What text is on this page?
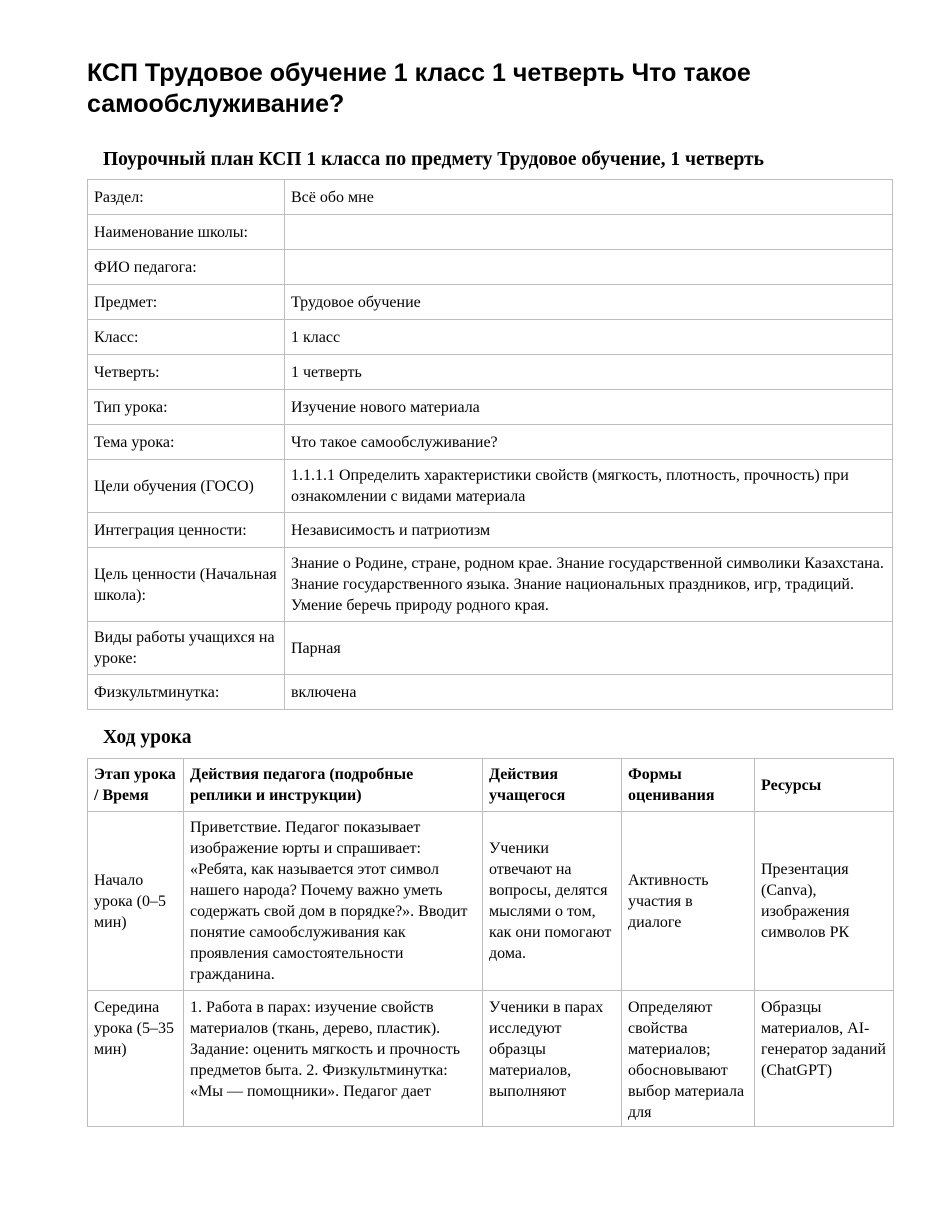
КСП Трудовое обучение 1 класс 1 четверть Что такое самообслуживание?
Поурочный план КСП 1 класса по предмету Трудовое обучение, 1 четверть
Раздел:	Всё обо мне
Наименование школы:	
ФИО педагога:	
Предмет:	Трудовое обучение
Класс:	1 класс
Четверть:	1 четверть
Тип урока:	Изучение нового материала
Тема урока:	Что такое самообслуживание?
Цели обучения (ГОСО)	1.1.1.1 Определить характеристики свойств (мягкость, плотность, прочность) при ознакомлении с видами материала
Интеграция ценности:	Независимость и патриотизм
Цель ценности (Начальная школа):	Знание о Родине, стране, родном крае. Знание государственной символики Казахстана. Знание государственного языка. Знание национальных праздников, игр, традиций. Умение беречь природу родного края.
Виды работы учащихся на уроке:	Парная
Физкультминутка:	включена
Ход урока
Этап урока / Время	Действия педагога (подробные реплики и инструкции)	Действия учащегося	Формы оценивания	Ресурсы
Начало урока (0–5 мин)	Приветствие. Педагог показывает изображение юрты и спрашивает: «Ребята, как называется этот символ нашего народа? Почему важно уметь содержать свой дом в порядке?». Вводит понятие самообслуживания как проявления самостоятельности гражданина.	Ученики отвечают на вопросы, делятся мыслями о том, как они помогают дома.	Активность участия в диалоге	Презентация (Canva), изображения символов РК

Середина урока (5–35 мин)	1. Работа в парах: изучение свойств материалов (ткань, дерево, пластик). Задание: оценить мягкость и прочность предметов быта. 2. Физкультминутка: «Мы — помощники». Педагог дает	Ученики в парах исследуют образцы материалов, выполняют	Определяют свойства материалов; обосновывают выбор материала для	Образцы материалов, AI-генератор заданий (ChatGPT)
